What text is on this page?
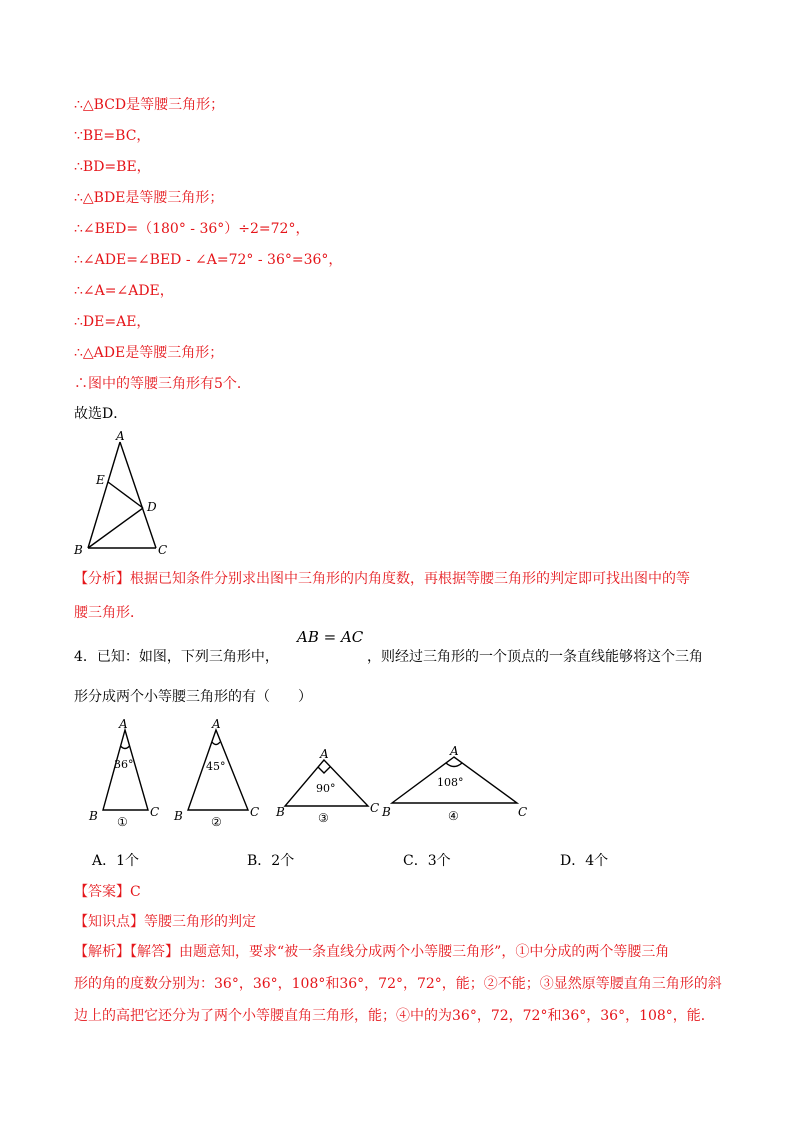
∴△BCD是等腰三角形；
∵BE=BC，
∴BD=BE，
∴△BDE是等腰三角形；
∴∠BED=（180° - 36°）÷2=72°，
∴∠ADE=∠BED - ∠A=72° - 36°=36°，
∴∠A=∠ADE，
∴DE=AE，
∴△ADE是等腰三角形；
∴图中的等腰三角形有5个．
故选D．
A
E
D
B	C
【分析】根据已知条件分别求出图中三角形的内角度数，再根据等腰三角形的判定即可找出图中的等
腰三角形．
4．已知：如图，下列三角形中，
AB = AC
，则经过三角形的一个顶点的一条直线能够将这个三角
形分成两个小等腰三角形的有（　　）
A
B	C
36°
①
A
B	C
45°
②
A
B	C
90°
③
A
B	C
108°
④
A．1个	B．2个	C．3个	D．4个
【答案】C
【知识点】等腰三角形的判定
【解析】【解答】由题意知，要求“被一条直线分成两个小等腰三角形”，①中分成的两个等腰三角
形的角的度数分别为：36°，36°，108°和36°，72°，72°，能；②不能；③显然原等腰直角三角形的斜
边上的高把它还分为了两个小等腰直角三角形，能；④中的为36°，72，72°和36°，36°，108°，能．
